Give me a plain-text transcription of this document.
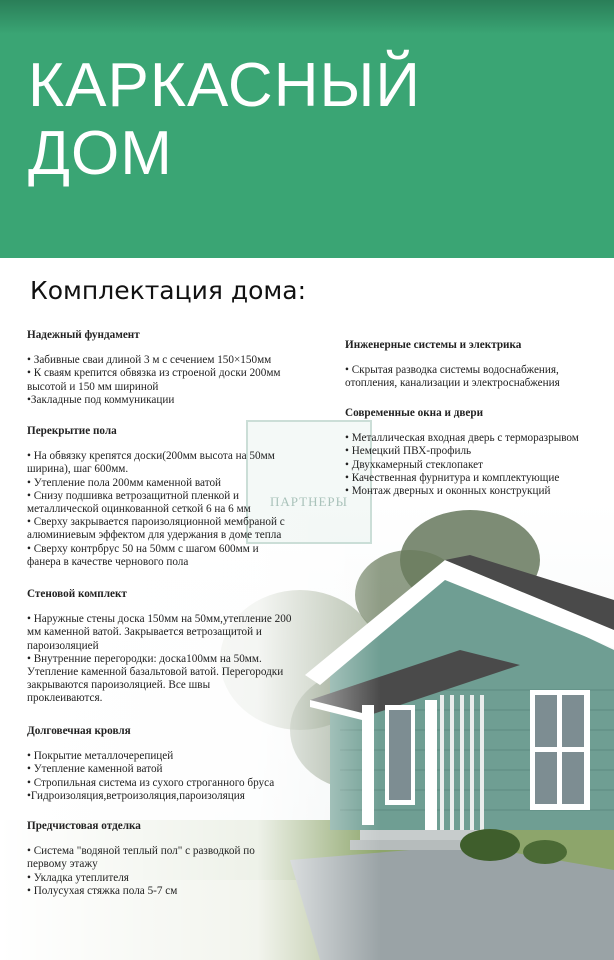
КАРКАСНЫЙ
ДОМ
Комплектация дома:
ПАРТНЕРЫ

Надежный фундамент

• Забивные сваи длиной 3 м с сечением 150×150мм

• К сваям крепится обвязка из строеной доски 200мм

высотой и 150 мм шириной

•Закладные под коммуникации

Перекрытие пола

• На обвязку крепятся доски(200мм высота на 50мм

ширина), шаг 600мм.

• Утепление пола 200мм каменной ватой

• Снизу подшивка ветрозащитной пленкой и

металлической оцинкованной сеткой 6 на 6 мм

• Сверху закрывается пароизоляционной мембраной с

алюминиевым эффектом для удержания в доме тепла

• Сверху контрбрус 50 на 50мм с шагом 600мм и

фанера в качестве чернового пола

Стеновой комплект

• Наружные стены доска 150мм на 50мм,утепление 200

мм каменной ватой. Закрывается ветрозащитой и

пароизоляцией

• Внутренние перегородки: доска100мм на 50мм.

Утепление каменной базальтовой ватой. Перегородки

закрываются пароизоляцией. Все швы

проклеиваются.

Долговечная кровля

• Покрытие металлочерепицей

• Утепление каменной ватой

• Стропильная система из сухого строганного бруса

•Гидроизоляция,ветроизоляция,пароизоляция

Предчистовая отделка

• Система "водяной теплый пол" с разводкой по

первому этажу

• Укладка утеплителя

• Полусухая стяжка пола 5-7 см

Инженерные системы и электрика

• Скрытая разводка системы водоснабжения,

отопления, канализации и электроснабжения

Современные окна и двери

• Металлическая входная дверь с терморазрывом

• Немецкий ПВХ-профиль

• Двухкамерный стеклопакет

• Качественная фурнитура и комплектующие

• Монтаж дверных и оконных конструкций
